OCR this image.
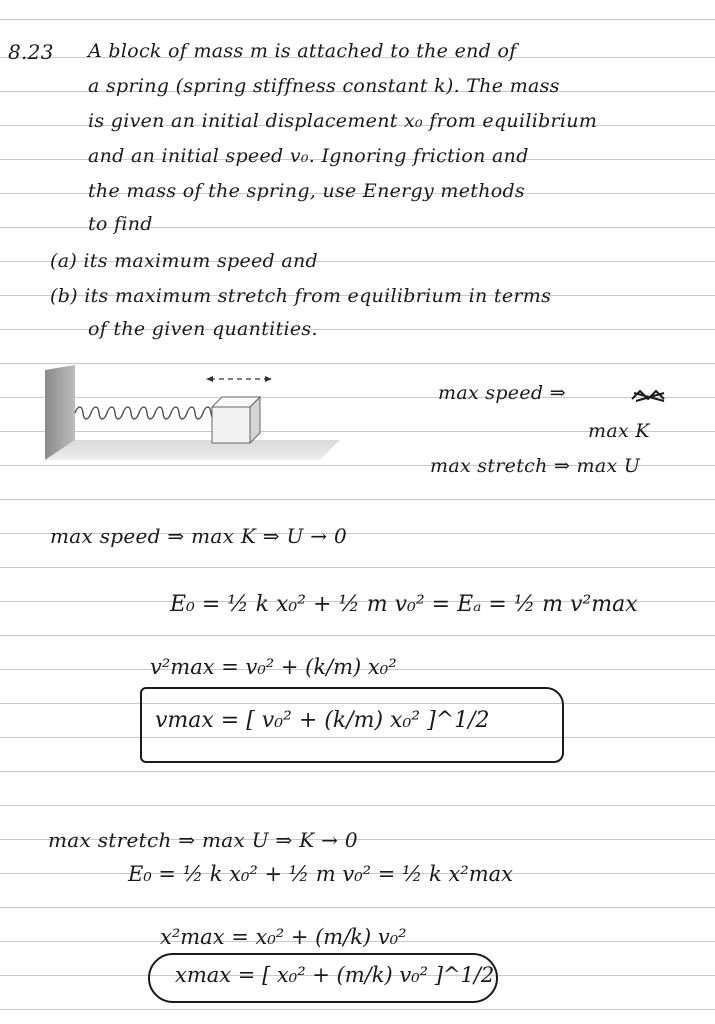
8.23 A block of mass m is attached to the end of
a spring (spring stiffness constant k). The mass
is given an initial displacement x₀ from equilibrium
and an initial speed v₀. Ignoring friction and
the mass of the spring, use Energy methods
to find
(a) its maximum speed and
(b) its maximum stretch from equilibrium in terms
of the given quantities.
max speed ⇒
max K
max stretch ⇒ max U
max speed ⇒ max K ⇒ U → 0
E₀ = ½ k x₀² + ½ m v₀² = Eₐ = ½ m v²max
v²max = v₀² + (k/m) x₀²
vmax = [ v₀² + (k/m) x₀² ]^1/2
max stretch ⇒ max U ⇒ K → 0
E₀ = ½ k x₀² + ½ m v₀² = ½ k x²max
x²max = x₀² + (m/k) v₀²
xmax = [ x₀² + (m/k) v₀² ]^1/2
